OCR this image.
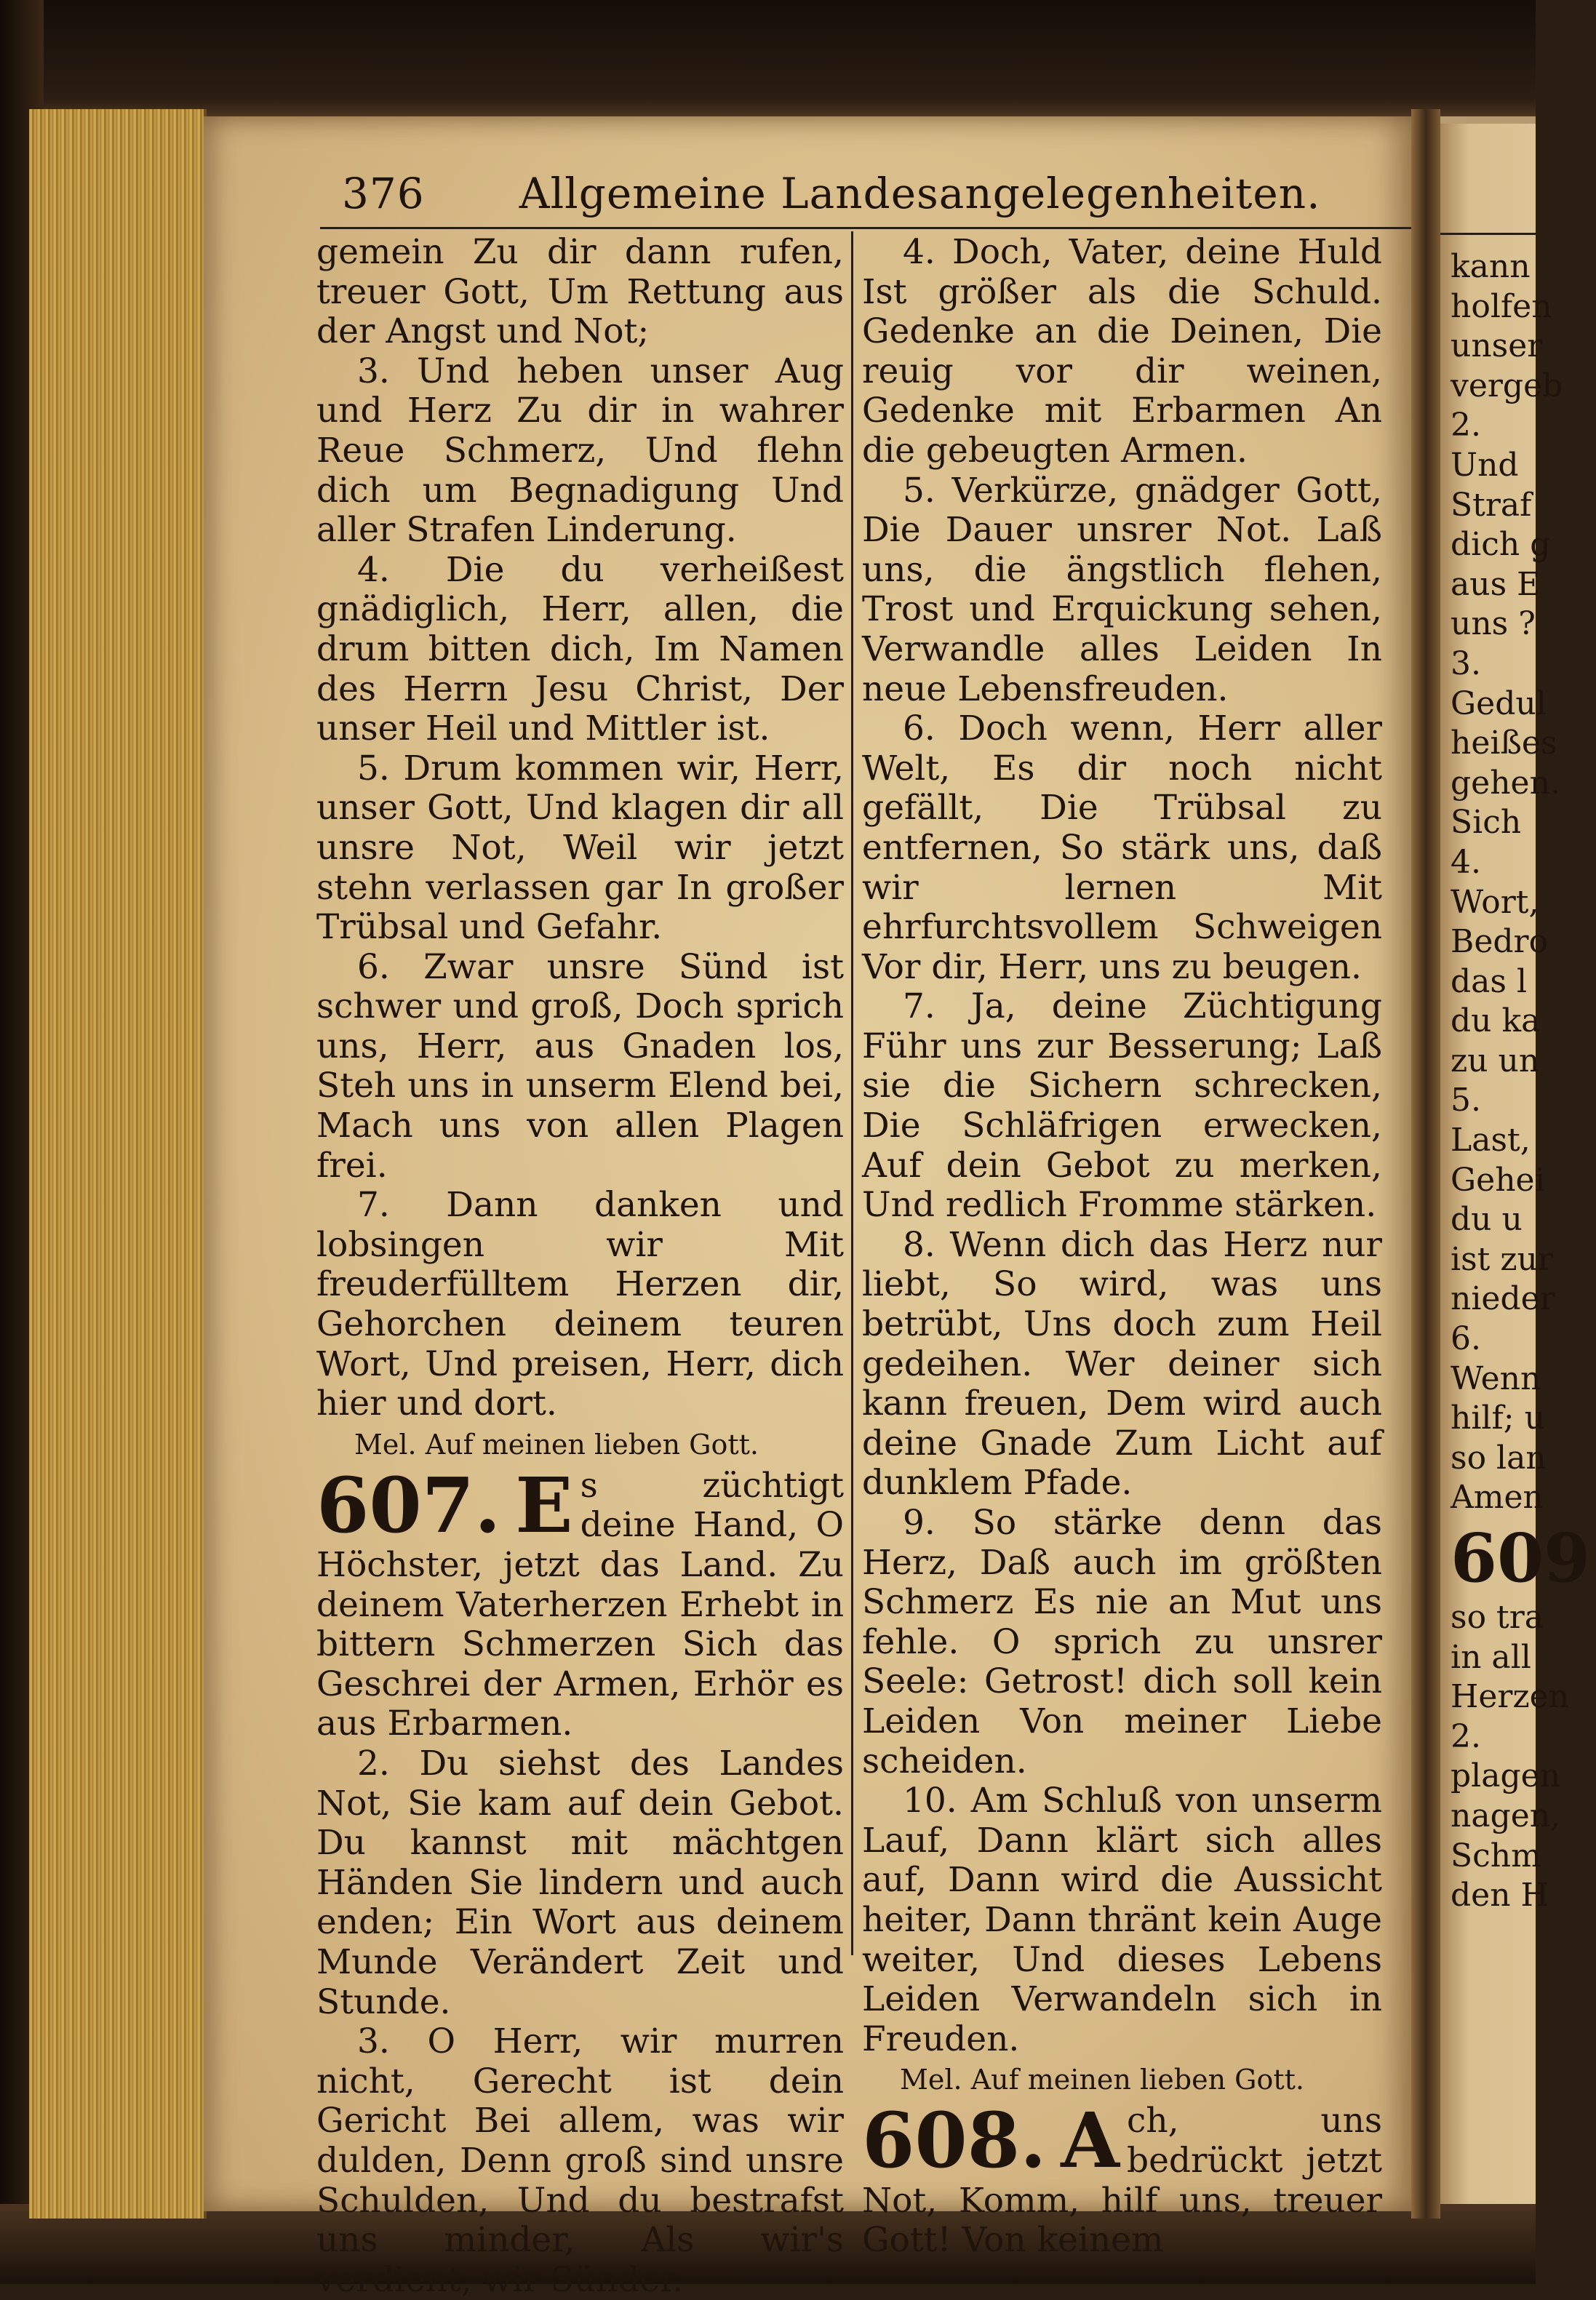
kann
holfen
unser
vergeb
2.
Und
Straf
dich g
aus E
uns ?
3.
Gedul
heißes
gehen.
Sich
4.
Wort,
Bedro
das l
du ka
zu un
5.
Last,
Gehei
du u
ist zur
nieder
6.
Wenn
hilf; u
so lan
Amen
609
so tra
in all
Herzen
2.
plagen
nagen,
Schm
den H
376 Allgemeine Landesangelegenheiten.

gemein Zu dir dann rufen, treuer Gott, Um Rettung aus der Angst und Not;

3. Und heben unser Aug und Herz Zu dir in wahrer Reue Schmerz, Und flehn dich um Begnadigung Und aller Strafen Linderung.

4. Die du verheißest gnädiglich, Herr, allen, die drum bitten dich, Im Namen des Herrn Jesu Christ, Der unser Heil und Mittler ist.

5. Drum kommen wir, Herr, unser Gott, Und klagen dir all unsre Not, Weil wir jetzt stehn verlassen gar In großer Trübsal und Gefahr.

6. Zwar unsre Sünd ist schwer und groß, Doch sprich uns, Herr, aus Gnaden los, Steh uns in unserm Elend bei, Mach uns von allen Plagen frei.

7. Dann danken und lobsingen wir Mit freuderfülltem Herzen dir, Gehorchen deinem teuren Wort, Und preisen, Herr, dich hier und dort.

Mel. Auf meinen lieben Gott.

607. E s züchtigt deine Hand, O Höchster, jetzt das Land. Zu deinem Vaterherzen Erhebt in bittern Schmerzen Sich das Geschrei der Armen, Erhör es aus Erbarmen.

2. Du siehst des Landes Not, Sie kam auf dein Gebot. Du kannst mit mächtgen Händen Sie lindern und auch enden; Ein Wort aus deinem Munde Verändert Zeit und Stunde.

3. O Herr, wir murren nicht, Gerecht ist dein Gericht Bei allem, was wir dulden, Denn groß sind unsre Schulden, Und du bestrafst uns minder, Als wir's verdient, wir Sünder.

4. Doch, Vater, deine Huld Ist größer als die Schuld. Gedenke an die Deinen, Die reuig vor dir weinen, Gedenke mit Erbarmen An die gebeugten Armen.

5. Verkürze, gnädger Gott, Die Dauer unsrer Not. Laß uns, die ängstlich flehen, Trost und Erquickung sehen, Verwandle alles Leiden In neue Lebensfreuden.

6. Doch wenn, Herr aller Welt, Es dir noch nicht gefällt, Die Trübsal zu entfernen, So stärk uns, daß wir lernen Mit ehrfurchtsvollem Schweigen Vor dir, Herr, uns zu beugen.

7. Ja, deine Züchtigung Führ uns zur Besserung; Laß sie die Sichern schrecken, Die Schläfrigen erwecken, Auf dein Gebot zu merken, Und redlich Fromme stärken.

8. Wenn dich das Herz nur liebt, So wird, was uns betrübt, Uns doch zum Heil gedeihen. Wer deiner sich kann freuen, Dem wird auch deine Gnade Zum Licht auf dunklem Pfade.

9. So stärke denn das Herz, Daß auch im größten Schmerz Es nie an Mut uns fehle. O sprich zu unsrer Seele: Getrost! dich soll kein Leiden Von meiner Liebe scheiden.

10. Am Schluß von unserm Lauf, Dann klärt sich alles auf, Dann wird die Aussicht heiter, Dann thränt kein Auge weiter, Und dieses Lebens Leiden Verwandeln sich in Freuden.

Mel. Auf meinen lieben Gott.

608. A ch, uns bedrückt jetzt Not, Komm, hilf uns, treuer Gott! Von keinem
